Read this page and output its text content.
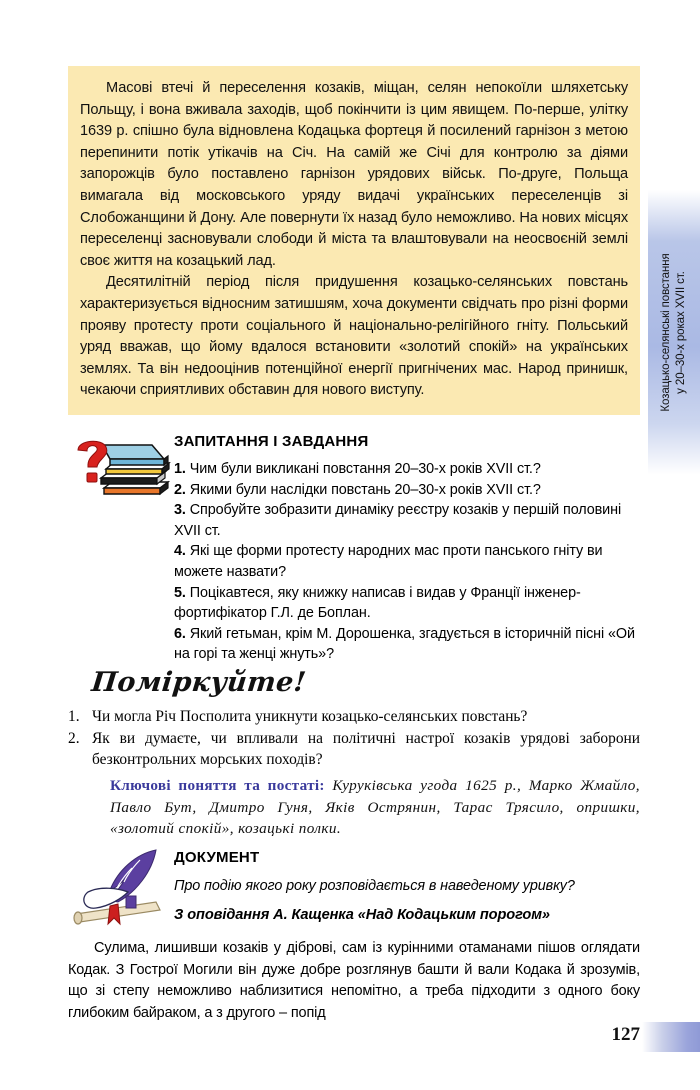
Козацько-селянські повстання у 20–30-х роках XVII ст.

Масові втечі й переселення козаків, міщан, селян непокоїли шляхетську Польщу, і вона вживала заходів, щоб покінчити із цим явищем. По-перше, улітку 1639 р. спішно була відновлена Кодацька фортеця й посилений гарнізон з метою перепинити потік утікачів на Січ. На самій же Січі для контролю за діями запорожців було поставлено гарнізон урядових військ. По-друге, Польща вимагала від московського уряду видачі українських переселенців зі Слобожанщини й Дону. Але повернути їх назад було неможливо. На нових місцях переселенці засновували слободи й міста та влаштовували на неосвоєній землі своє життя на козацький лад.

Десятилітній період після придушення козацько-селянських повстань характеризується відносним затишшям, хоча документи свідчать про різні форми прояву протесту проти соціального й національно-релігійного гніту. Польський уряд вважав, що йому вдалося встановити «золотий спокій» на українських землях. Та він недооцінив потенційної енергії пригнічених мас. Народ принишк, чекаючи сприятливих обставин для нового виступу.

ЗАПИТАННЯ І ЗАВДАННЯ
1. Чим були викликані повстання 20–30-х років XVII ст.?
2. Якими були наслідки повстань 20–30-х років XVII ст.?
3. Спробуйте зобразити динаміку реєстру козаків у першій половині XVII ст.
4. Які ще форми протесту народних мас проти панського гніту ви можете назвати?
5. Поцікавтеся, яку книжку написав і видав у Франції інженер-фортифікатор Г.Л. де Боплан.
6. Який гетьман, крім М. Дорошенка, згадується в історичній пісні «Ой на горі та женці жнуть»?
Поміркуйте!
1. Чи могла Річ Посполита уникнути козацько-селянських повстань?
2. Як ви думаєте, чи впливали на політичні настрої козаків урядові заборони безконтрольних морських походів?
Ключові поняття та постаті: Куруківська угода 1625 р., Марко Жмайло, Павло Бут, Дмитро Гуня, Яків Острянин, Тарас Трясило, опришки, «золотий спокій», козацькі полки.
ДОКУМЕНТ
Про подію якого року розповідається в наведеному уривку?
З оповідання А. Кащенка «Над Кодацьким порогом»
Сулима, лишивши козаків у діброві, сам із курінними отаманами пішов оглядати Кодак. З Гострої Могили він дуже добре розглянув башти й вали Кодака й зрозумів, що зі степу неможливо наблизитися непомітно, а треба підходити з одного боку глибоким байраком, а з другого – попід
127
